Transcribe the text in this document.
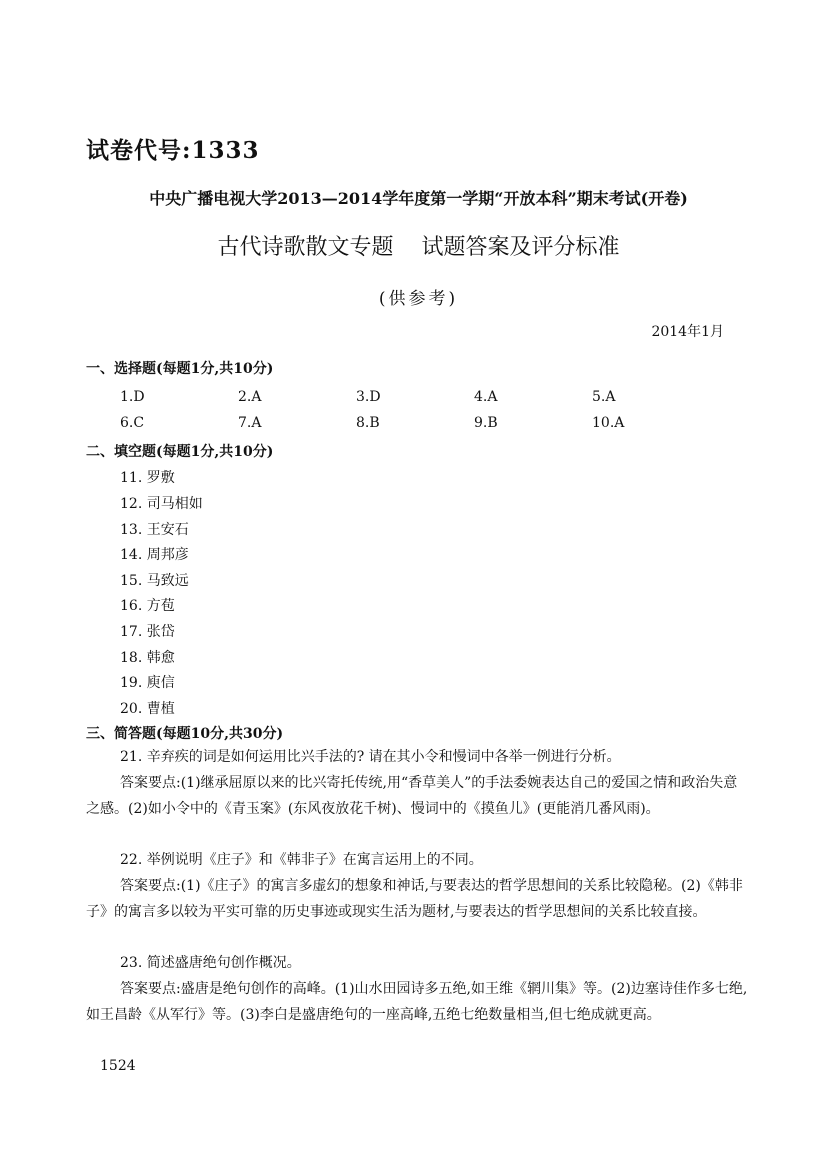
试卷代号:1333
中央广播电视大学2013—2014学年度第一学期“开放本科”期末考试(开卷)
古代诗歌散文专题    试题答案及评分标准
(供参考)
2014年1月
一、选择题(每题1分,共10分)
1.D	2.A	3.D	4.A	5.A
6.C	7.A	8.B	9.B	10.A
二、填空题(每题1分,共10分)
11. 罗敷
12. 司马相如
13. 王安石
14. 周邦彦
15. 马致远
16. 方苞
17. 张岱
18. 韩愈
19. 庾信
20. 曹植
三、简答题(每题10分,共30分)
21. 辛弃疾的词是如何运用比兴手法的? 请在其小令和慢词中各举一例进行分析。
答案要点:(1)继承屈原以来的比兴寄托传统,用“香草美人”的手法委婉表达自己的爱国之情和政治失意之感。(2)如小令中的《青玉案》(东风夜放花千树)、慢词中的《摸鱼儿》(更能消几番风雨)。
22. 举例说明《庄子》和《韩非子》在寓言运用上的不同。
答案要点:(1)《庄子》的寓言多虚幻的想象和神话,与要表达的哲学思想间的关系比较隐秘。(2)《韩非子》的寓言多以较为平实可靠的历史事迹或现实生活为题材,与要表达的哲学思想间的关系比较直接。
23. 简述盛唐绝句创作概况。
答案要点:盛唐是绝句创作的高峰。(1)山水田园诗多五绝,如王维《辋川集》等。(2)边塞诗佳作多七绝,如王昌龄《从军行》等。(3)李白是盛唐绝句的一座高峰,五绝七绝数量相当,但七绝成就更高。
1524
